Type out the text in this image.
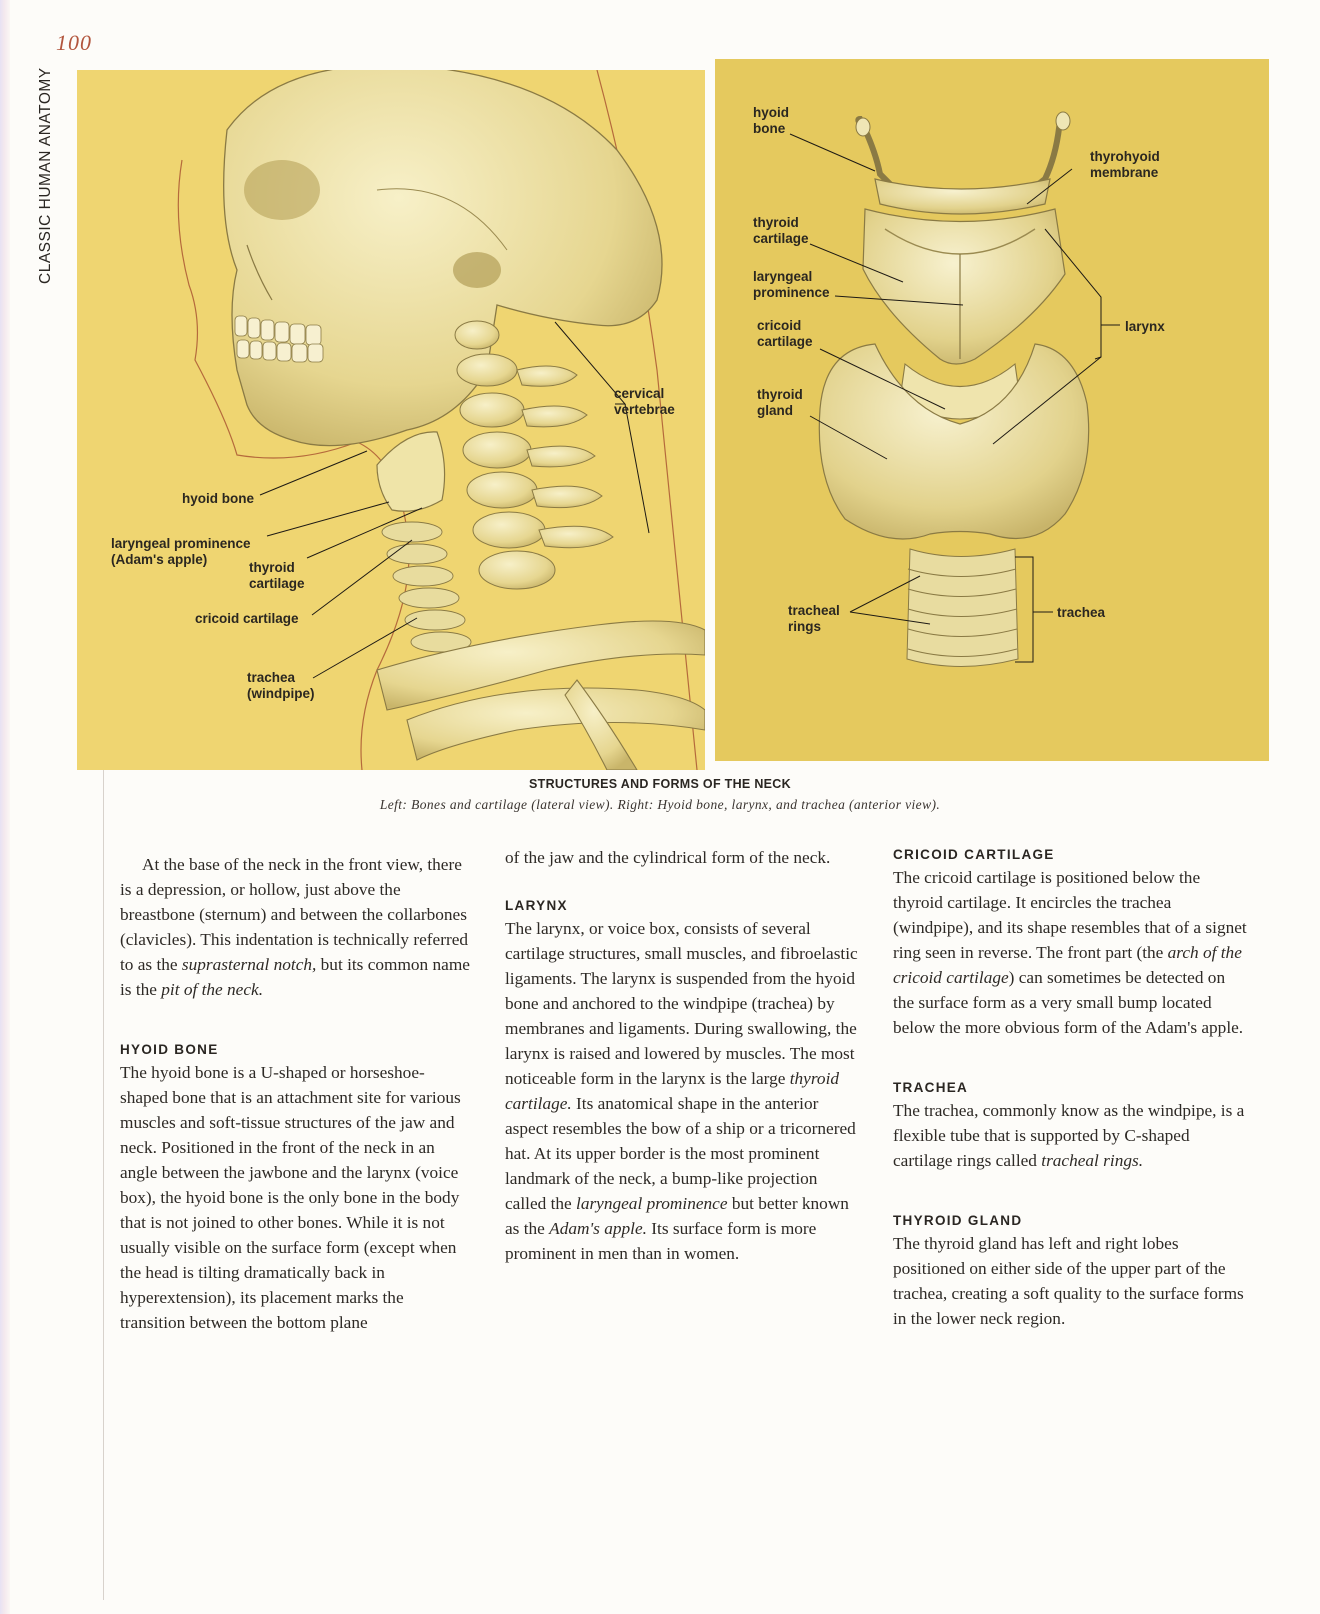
100
CLASSIC HUMAN ANATOMY
hyoid bone
laryngeal prominence
(Adam's apple)
thyroid
cartilage
cricoid cartilage
trachea
(windpipe)
cervical
vertebrae
hyoid
bone
thyrohyoid
membrane
thyroid
cartilage
laryngeal
prominence
cricoid
cartilage
larynx
thyroid
gland
tracheal
rings
trachea
STRUCTURES AND FORMS OF THE NECK
Left: Bones and cartilage (lateral view). Right: Hyoid bone, larynx, and trachea (anterior view).

At the base of the neck in the front view, there is a depression, or hollow, just above the breastbone (sternum) and between the collarbones (clavicles). This indentation is technically referred to as the suprasternal notch, but its common name is the pit of the neck.

HYOID BONE

The hyoid bone is a U-shaped or horseshoe-shaped bone that is an attachment site for various muscles and soft-tissue structures of the jaw and neck. Positioned in the front of the neck in an angle between the jawbone and the larynx (voice box), the hyoid bone is the only bone in the body that is not joined to other bones. While it is not usually visible on the surface form (except when the head is tilting dramatically back in hyperextension), its placement marks the transition between the bottom plane

of the jaw and the cylindrical form of the neck.

LARYNX

The larynx, or voice box, consists of several cartilage structures, small muscles, and fibroelastic ligaments. The larynx is suspended from the hyoid bone and anchored to the windpipe (trachea) by membranes and ligaments. During swallowing, the larynx is raised and lowered by muscles. The most noticeable form in the larynx is the large thyroid cartilage. Its anatomical shape in the anterior aspect resembles the bow of a ship or a tricornered hat. At its upper border is the most prominent landmark of the neck, a bump-like projection called the laryngeal prominence but better known as the Adam's apple. Its surface form is more prominent in men than in women.

CRICOID CARTILAGE

The cricoid cartilage is positioned below the thyroid cartilage. It encircles the trachea (windpipe), and its shape resembles that of a signet ring seen in reverse. The front part (the arch of the cricoid cartilage) can sometimes be detected on the surface form as a very small bump located below the more obvious form of the Adam's apple.

TRACHEA

The trachea, commonly know as the windpipe, is a flexible tube that is supported by C-shaped cartilage rings called tracheal rings.

THYROID GLAND

The thyroid gland has left and right lobes positioned on either side of the upper part of the trachea, creating a soft quality to the surface forms in the lower neck region.
